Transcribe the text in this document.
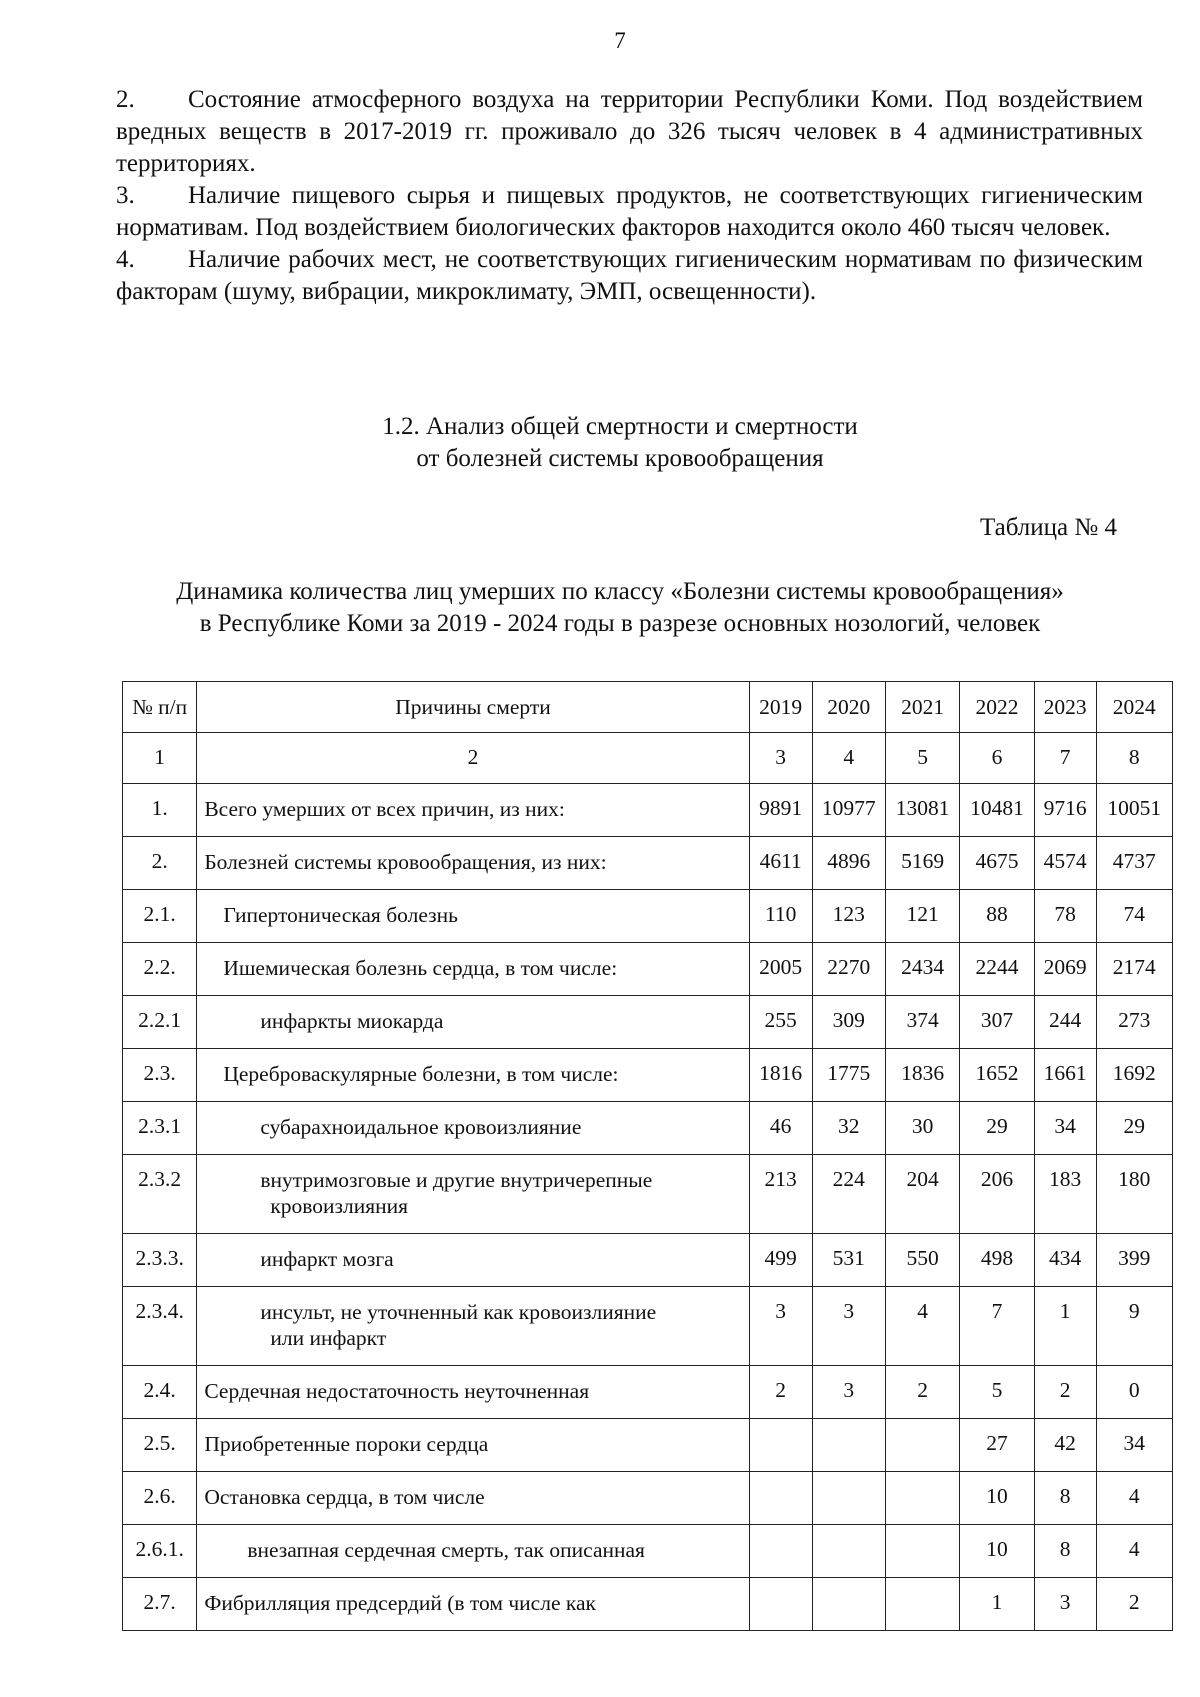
7

2. Состояние атмосферного воздуха на территории Республики Коми. Под воздействием вредных веществ в 2017-2019 гг. проживало до 326 тысяч человек в 4 административных территориях.

3. Наличие пищевого сырья и пищевых продуктов, не соответствующих гигиеническим нормативам. Под воздействием биологических факторов находится около 460 тысяч человек.

4. Наличие рабочих мест, не соответствующих гигиеническим нормативам по физическим факторам (шуму, вибрации, микроклимату, ЭМП, освещенности).

1.2. Анализ общей смертности и смертности
от болезней системы кровообращения
Таблица № 4
Динамика количества лиц умерших по классу «Болезни системы кровообращения»
в Республике Коми за 2019 - 2024 годы в разрезе основных нозологий, человек
№ п/п	Причины смерти	2019	2020	2021	2022	2023	2024
1	2	3	4	5	6	7	8
1.	Всего умерших от всех причин, из них:	9891	10977	13081	10481	9716	10051
2.	Болезней системы кровообращения, из них:	4611	4896	5169	4675	4574	4737
2.1.	Гипертоническая болезнь	110	123	121	88	78	74
2.2.	Ишемическая болезнь сердца, в том числе:	2005	2270	2434	2244	2069	2174
2.2.1	инфаркты миокарда	255	309	374	307	244	273
2.3.	Цереброваскулярные болезни, в том числе:	1816	1775	1836	1652	1661	1692
2.3.1	субарахноидальное кровоизлияние	46	32	30	29	34	29
2.3.2	внутримозговые и другие внутричерепные
кровоизлияния	213	224	204	206	183	180
2.3.3.	инфаркт мозга	499	531	550	498	434	399
2.3.4.	инсульт, не уточненный как кровоизлияние
или инфаркт	3	3	4	7	1	9
2.4.	Сердечная недостаточность неуточненная	2	3	2	5	2	0
2.5.	Приобретенные пороки сердца				27	42	34
2.6.	Остановка сердца, в том числе				10	8	4
2.6.1.	внезапная сердечная смерть, так описанная				10	8	4
2.7.	Фибрилляция предсердий (в том числе как				1	3	2
